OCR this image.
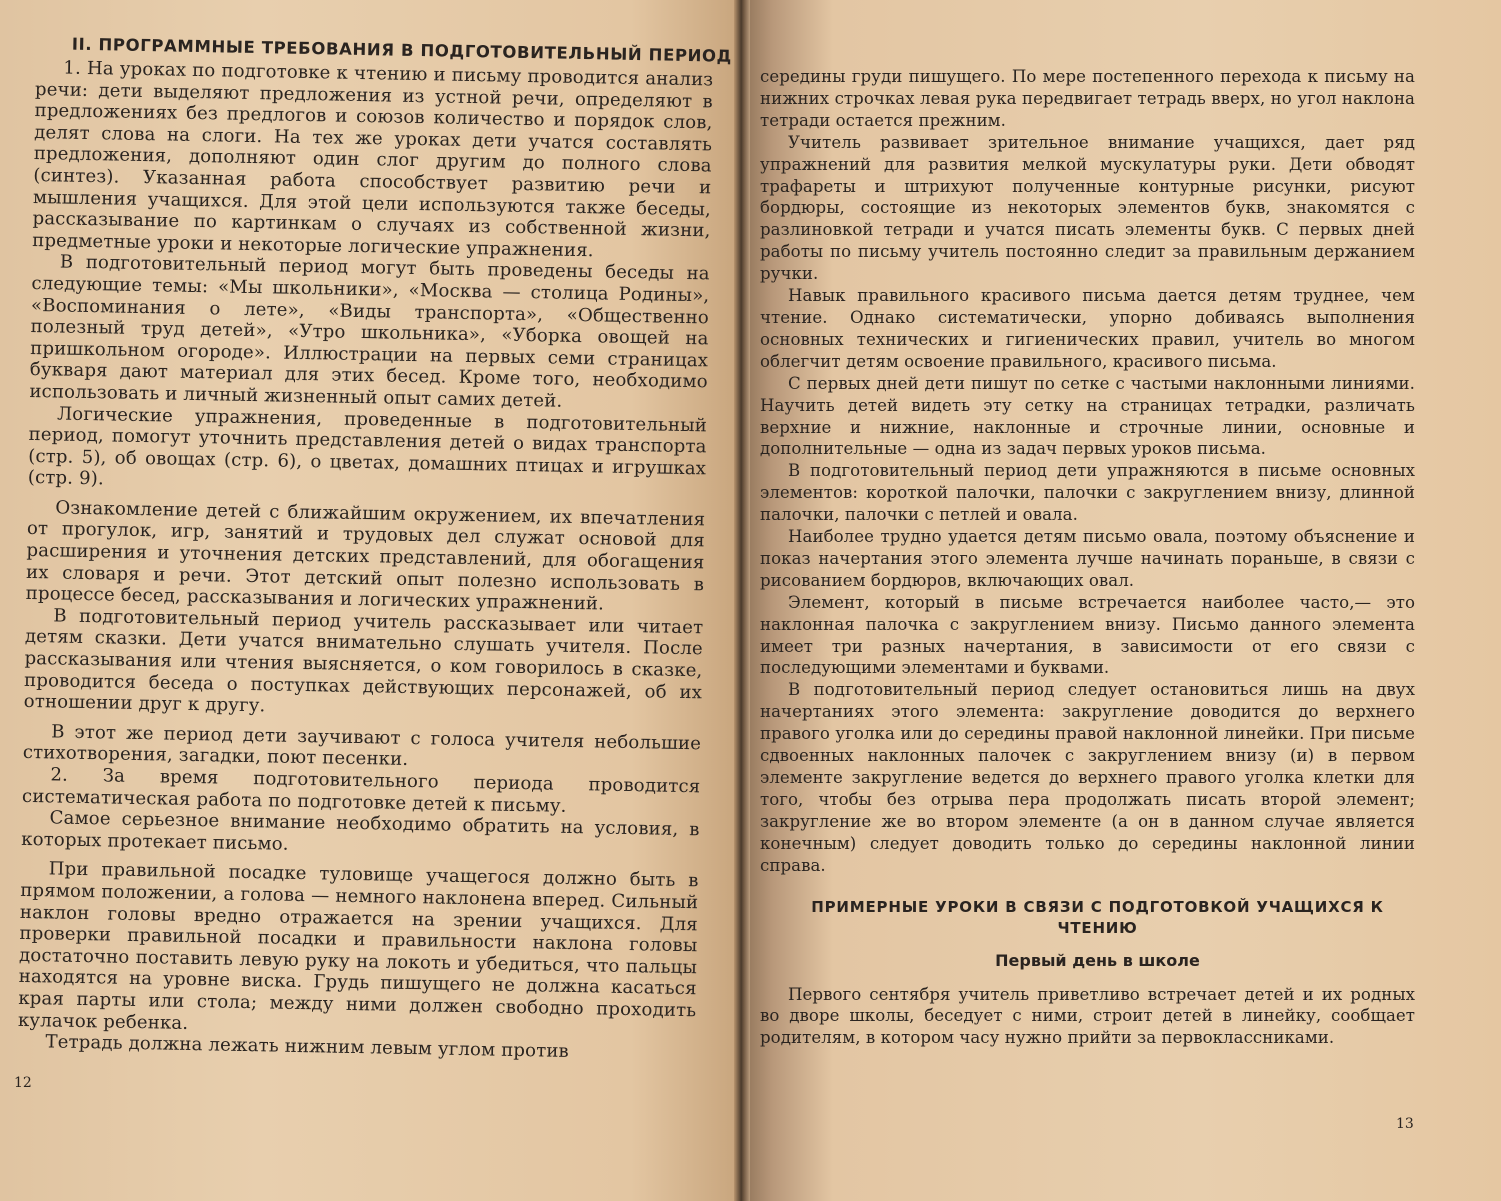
II. ПРОГРАММНЫЕ ТРЕБОВАНИЯ В ПОДГОТОВИТЕЛЬНЫЙ ПЕРИОД

1. На уроках по подготовке к чтению и письму проводится анализ речи: дети выделяют предложения из устной речи, определяют в предложениях без предлогов и союзов количество и порядок слов, делят слова на слоги. На тех же уроках дети учатся составлять предложения, дополняют один слог другим до полного слова (синтез). Указанная работа способствует развитию речи и мышления учащихся. Для этой цели используются также беседы, рассказывание по картинкам о случаях из собственной жизни, предметные уроки и некоторые логические упражнения.

В подготовительный период могут быть проведены беседы на следующие темы: «Мы школьники», «Москва — столица Родины», «Воспоминания о лете», «Виды транспорта», «Общественно полезный труд детей», «Утро школьника», «Уборка овощей на пришкольном огороде». Иллюстрации на первых семи страницах букваря дают материал для этих бесед. Кроме того, необходимо использовать и личный жизненный опыт самих детей.

Логические упражнения, проведенные в подготовительный период, помогут уточнить представления детей о видах транспорта (стр. 5), об овощах (стр. 6), о цветах, домашних птицах и игрушках (стр. 9).

Ознакомление детей с ближайшим окружением, их впечатления от прогулок, игр, занятий и трудовых дел служат основой для расширения и уточнения детских представлений, для обогащения их словаря и речи. Этот детский опыт полезно использовать в процессе бесед, рассказывания и логических упражнений.

В подготовительный период учитель рассказывает или читает детям сказки. Дети учатся внимательно слушать учителя. После рассказывания или чтения выясняется, о ком говорилось в сказке, проводится беседа о поступках действующих персонажей, об их отношении друг к другу.

В этот же период дети заучивают с голоса учителя небольшие стихотворения, загадки, поют песенки.

2. За время подготовительного периода проводится систематическая работа по подготовке детей к письму.

Самое серьезное внимание необходимо обратить на условия, в которых протекает письмо.

При правильной посадке туловище учащегося должно быть в прямом положении, а голова — немного наклонена вперед. Сильный наклон головы вредно отражается на зрении учащихся. Для проверки правильной посадки и правильности наклона головы достаточно поставить левую руку на локоть и убедиться, что пальцы находятся на уровне виска. Грудь пишущего не должна касаться края парты или стола; между ними должен свободно проходить кулачок ребенка.

Тетрадь должна лежать нижним левым углом против

12

середины груди пишущего. По мере постепенного перехода к письму на нижних строчках левая рука передвигает тетрадь вверх, но угол наклона тетради остается прежним.

Учитель развивает зрительное внимание учащихся, дает ряд упражнений для развития мелкой мускулатуры руки. Дети обводят трафареты и штрихуют полученные контурные рисунки, рисуют бордюры, состоящие из некоторых элементов букв, знакомятся с разлиновкой тетради и учатся писать элементы букв. С первых дней работы по письму учитель постоянно следит за правильным держанием ручки.

Навык правильного красивого письма дается детям труднее, чем чтение. Однако систематически, упорно добиваясь выполнения основных технических и гигиенических правил, учитель во многом облегчит детям освоение правильного, красивого письма.

С первых дней дети пишут по сетке с частыми наклонными линиями. Научить детей видеть эту сетку на страницах тетрадки, различать верхние и нижние, наклонные и строчные линии, основные и дополнительные — одна из задач первых уроков письма.

В подготовительный период дети упражняются в письме основных элементов: короткой палочки, палочки с закруглением внизу, длинной палочки, палочки с петлей и овала.

Наиболее трудно удается детям письмо овала, поэтому объяснение и показ начертания этого элемента лучше начинать пораньше, в связи с рисованием бордюров, включающих овал.

Элемент, который в письме встречается наиболее часто,— это наклонная палочка с закруглением внизу. Письмо данного элемента имеет три разных начертания, в зависимости от его связи с последующими элементами и буквами.

В подготовительный период следует остановиться лишь на двух начертаниях этого элемента: закругление доводится до верхнего правого уголка или до середины правой наклонной линейки. При письме сдвоенных наклонных палочек с закруглением внизу (и) в первом элементе закругление ведется до верхнего правого уголка клетки для того, чтобы без отрыва пера продолжать писать второй элемент; закругление же во втором элементе (а он в данном случае является конечным) следует доводить только до середины наклонной линии справа.

ПРИМЕРНЫЕ УРОКИ В СВЯЗИ С ПОДГОТОВКОЙ УЧАЩИХСЯ К ЧТЕНИЮ
Первый день в школе

Первого сентября учитель приветливо встречает детей и их родных во дворе школы, беседует с ними, строит детей в линейку, сообщает родителям, в котором часу нужно прийти за первоклассниками.

13
